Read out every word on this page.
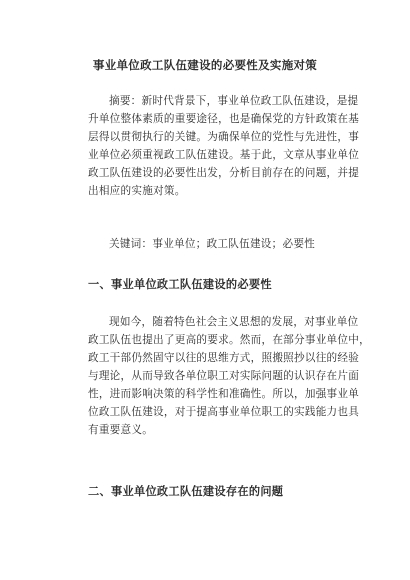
事业单位政工队伍建设的必要性及实施对策
摘要：新时代背景下，事业单位政工队伍建设，是提
升单位整体素质的重要途径，也是确保党的方针政策在基
层得以贯彻执行的关键。为确保单位的党性与先进性，事
业单位必须重视政工队伍建设。基于此，文章从事业单位
政工队伍建设的必要性出发，分析目前存在的问题，并提
出相应的实施对策。
关键词：事业单位；政工队伍建设；必要性
一、事业单位政工队伍建设的必要性
现如今，随着特色社会主义思想的发展，对事业单位
政工队伍也提出了更高的要求。然而，在部分事业单位中，
政工干部仍然固守以往的思维方式，照搬照抄以往的经验
与理论，从而导致各单位职工对实际问题的认识存在片面
性，进而影响决策的科学性和准确性。所以，加强事业单
位政工队伍建设，对于提高事业单位职工的实践能力也具
有重要意义。
二、事业单位政工队伍建设存在的问题
